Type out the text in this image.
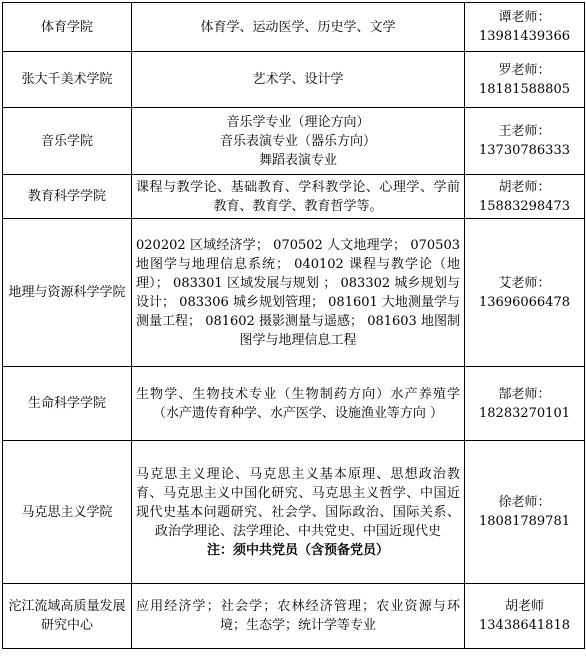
体育学院	体育学、运动医学、历史学、文学	谭老师：
13981439366

张大千美术学院	艺术学、设计学	罗老师：
18181588805

音乐学院	音乐学专业（理论方向）
音乐表演专业（器乐方向）
舞蹈表演专业	王老师：
13730786333

教育科学学院	课程与教学论、基础教育、学科教学论、心理学、学前教育、教育学、教育哲学等。	胡老师：
15883298473

地理与资源科学学院	020202 区域经济学； 070502 人文地理学； 070503 地图学与地理信息系统； 040102 课程与教学论（地理）； 083301 区域发展与规划 ； 083302 城乡规划与设计； 083306 城乡规划管理； 081601 大地测量学与测量工程； 081602 摄影测量与遥感； 081603 地图制图学与地理信息工程	艾老师：
13696066478

生命科学学院	生物学、生物技术专业（生物制药方向）水产养殖学（水产遗传育种学、水产医学、设施渔业等方向 ）	郜老师：
18283270101

马克思主义学院	马克思主义理论、马克思主义基本原理、思想政治教育、马克思主义中国化研究、马克思主义哲学、中国近现代史基本问题研究、社会学、国际政治、国际关系、政治学理论、法学理论、中共党史、中国近现代史
注：须中共党员（含预备党员）	徐老师：
18081789781

沱江流域高质量发展研究中心	应用经济学；社会学；农林经济管理；农业资源与环境；生态学；统计学等专业	胡老师
13438641818
